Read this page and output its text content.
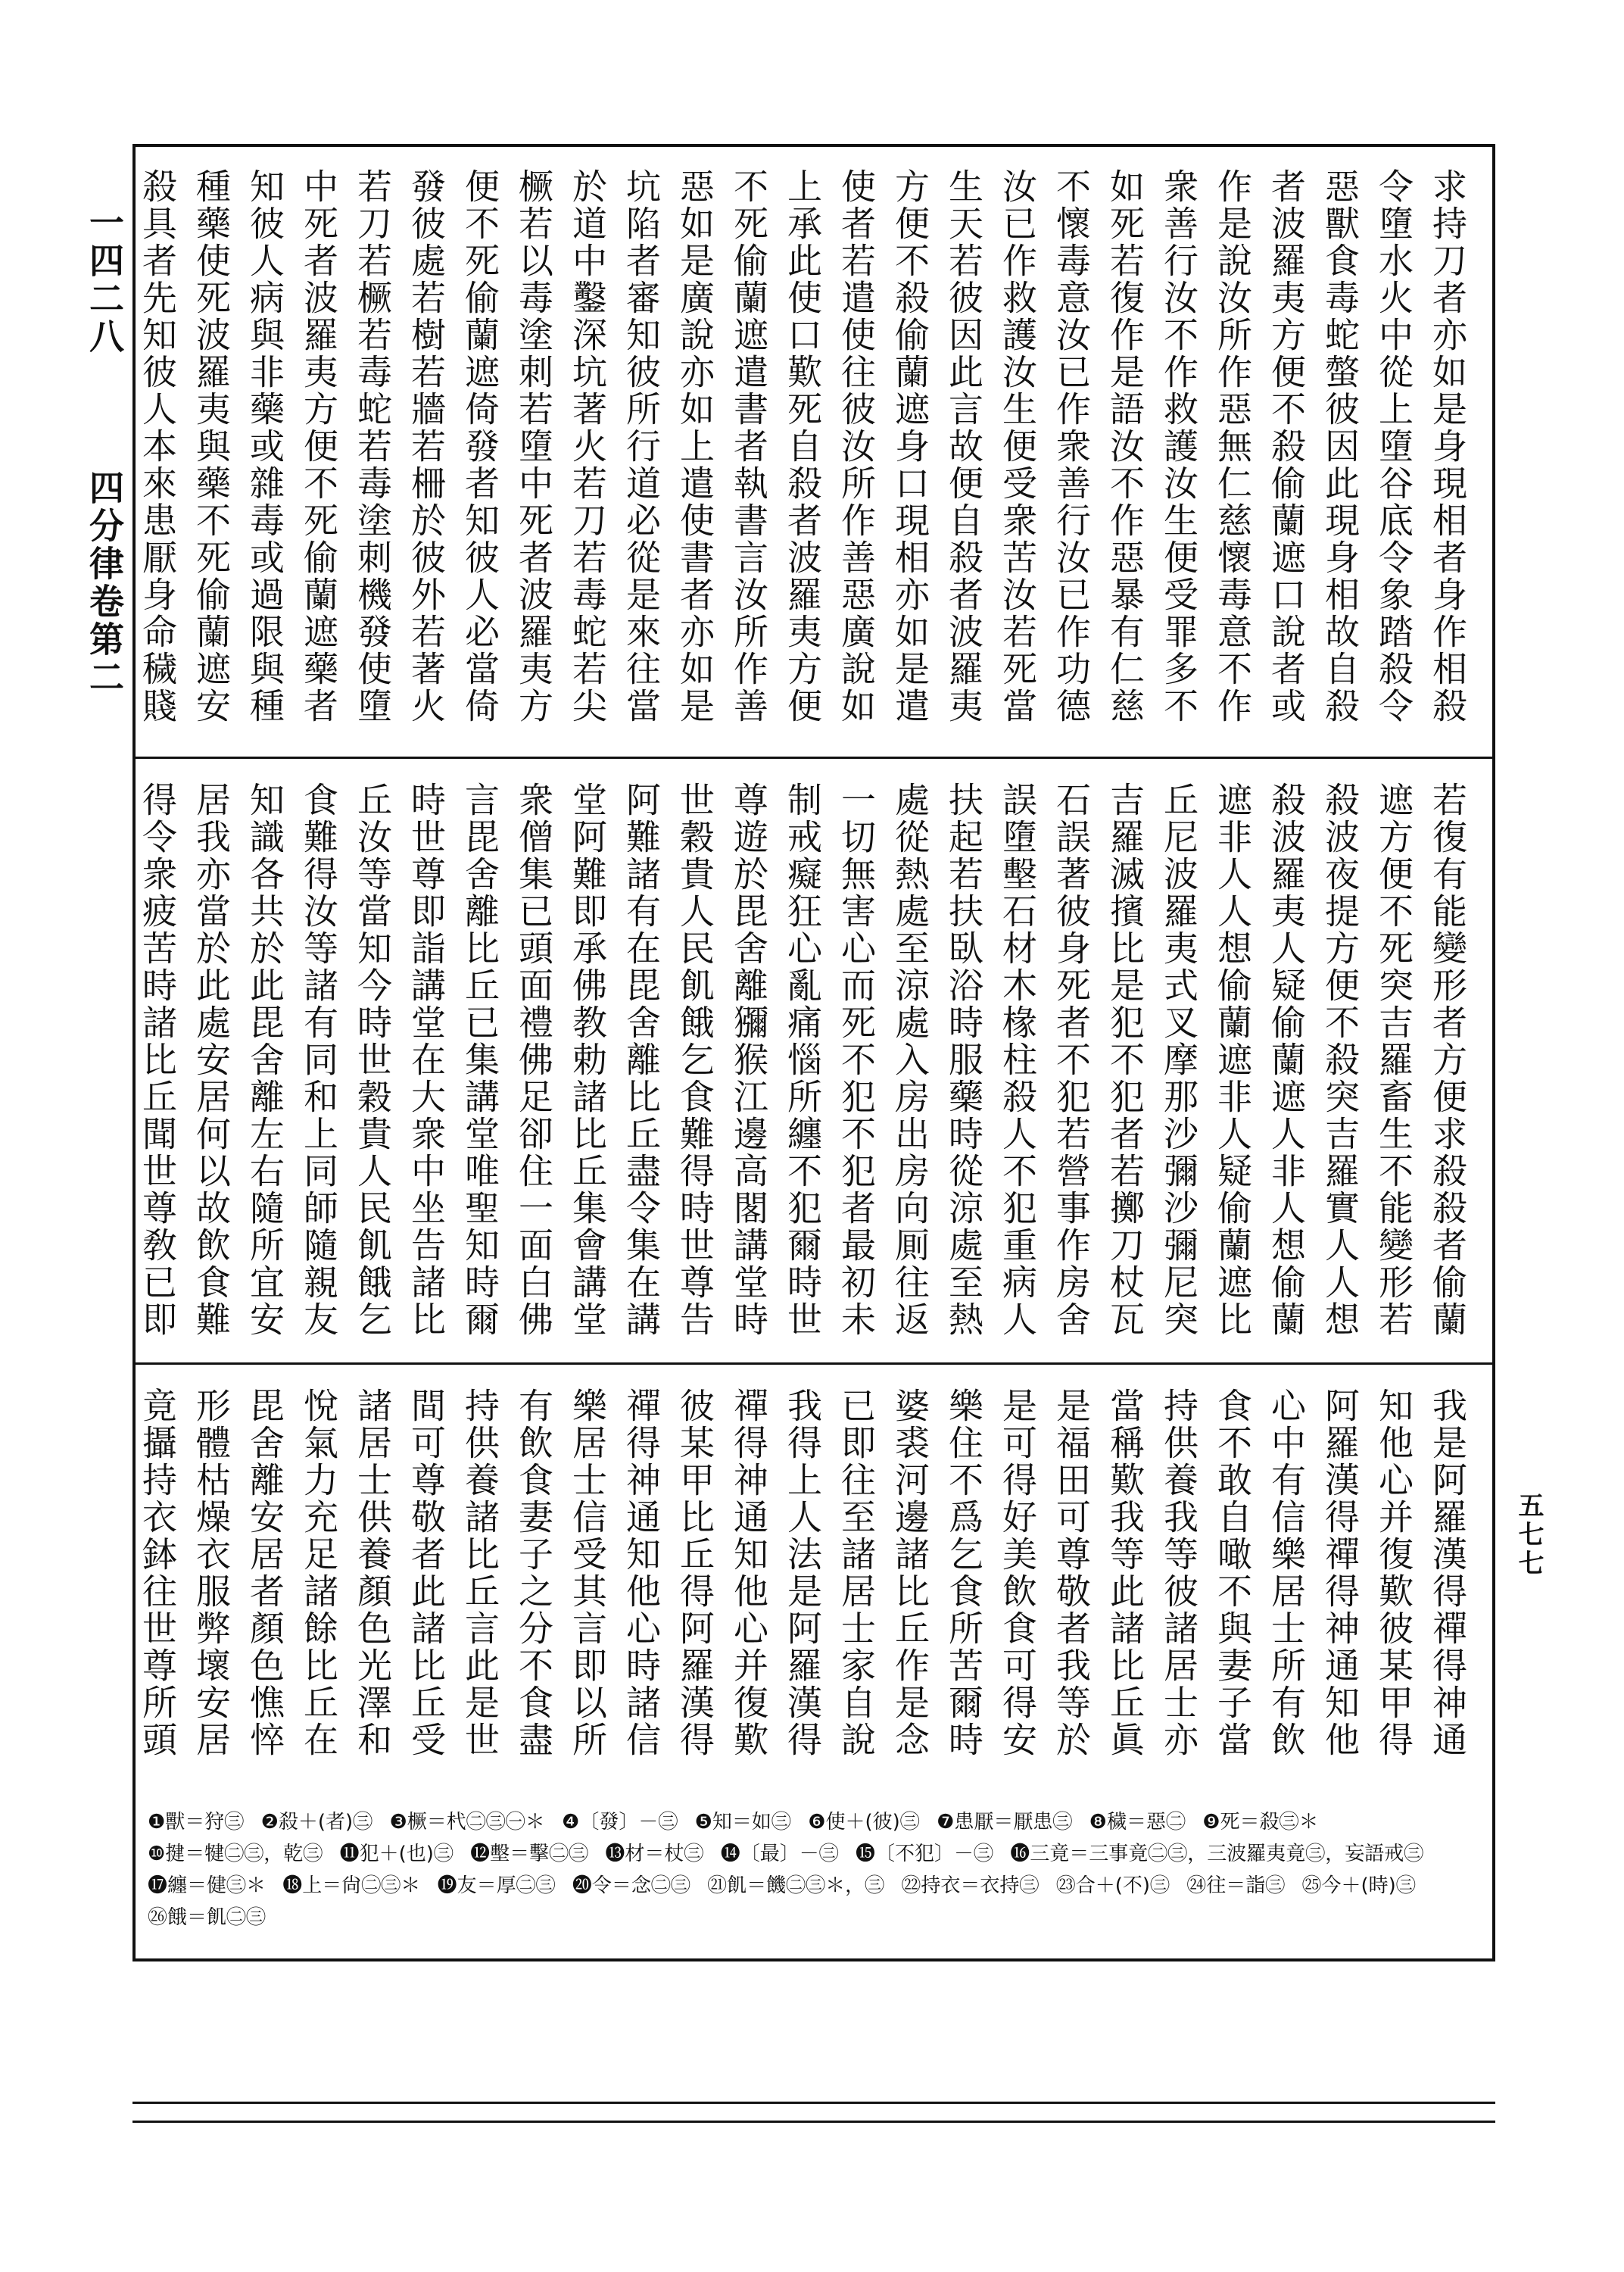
一四二八
四分律卷第二
五七七

求持刀者亦如是身現相者身作相殺令墮水火中從上墮谷底令象踏殺令惡獸食毒蛇螫彼因此現身相故自殺者波羅夷方便不殺偷蘭遮口說者或作是說汝所作惡無仁慈懷毒意不作衆善行汝不作救護汝生便受罪多不如死若復作是語汝不作惡暴有仁慈不懷毒意汝已作衆善行汝已作功德汝已作救護汝生便受衆苦汝若死當生天若彼因此言故便自殺者波羅夷方便不殺偷蘭遮身口現相亦如是遣使者若遣使往彼汝所作善惡廣說如上承此使口歎死自殺者波羅夷方便不死偷蘭遮遣書者執書言汝所作善惡如是廣說亦如上遣使書者亦如是坑陷者審知彼所行道必從是來往當於道中鑿深坑著火若刀若毒蛇若尖橛若以毒塗刺若墮中死者波羅夷方便不死偷蘭遮倚發者知彼人必當倚發彼處若樹若牆若柵於彼外若著火若刀若橛若毒蛇若毒塗刺機發使墮中死者波羅夷方便不死偷蘭遮藥者知彼人病與非藥或雜毒或過限與種種藥使死波羅夷與藥不死偷蘭遮安殺具者先知彼人本來患厭身命穢賤

若復有能變形者方便求殺殺者偷蘭遮方便不死突吉羅畜生不能變形若殺波夜提方便不殺突吉羅實人人想殺波羅夷人疑偷蘭遮人非人想偷蘭遮非人人想偷蘭遮非人疑偷蘭遮比丘尼波羅夷式叉摩那沙彌沙彌尼突吉羅滅擯比是犯不犯者若擲刀杖瓦石誤著彼身死者不犯若營事作房舍誤墮墼石材木椽柱殺人不犯重病人扶起若扶臥浴時服藥時從涼處至熱處從熱處至涼處入房出房向厠往返一切無害心而死不犯不犯者最初未制戒癡狂心亂痛惱所纏不犯爾時世尊遊於毘舍離獼猴江邊高閣講堂時世穀貴人民飢餓乞食難得時世尊告阿難諸有在毘舍離比丘盡令集在講堂阿難即承佛教勅諸比丘集會講堂衆僧集已頭面禮佛足卻住一面白佛言毘舍離比丘已集講堂唯聖知時爾時世尊即詣講堂在大衆中坐告諸比丘汝等當知今時世穀貴人民飢餓乞食難得汝等諸有同和上同師隨親友知識各共於此毘舍離左右隨所宜安居我亦當於此處安居何以故飲食難得令衆疲苦時諸比丘聞世尊敎已即

我是阿羅漢得禪得神通知他心并復歎彼某甲得阿羅漢得禪得神通知他心中有信樂居士所有飲食不敢自噉不與妻子當持供養我等彼諸居士亦當稱歎我等此諸比丘眞是福田可尊敬者我等於是可得好美飲食可得安樂住不爲乞食所苦爾時婆裘河邊諸比丘作是念已即往至諸居士家自說我得上人法是阿羅漢得禪得神通知他心并復歎彼某甲比丘得阿羅漢得禪得神通知他心時諸信樂居士信受其言即以所有飲食妻子之分不食盡持供養諸比丘言此是世間可尊敬者此諸比丘受諸居士供養顏色光澤和悅氣力充足諸餘比丘在毘舍離安居者顏色憔悴形體枯燥衣服弊壞安居竟攝持衣鉢往世尊所頭

❶獸＝狩㊂ ❷殺＋(者)㊂ ❸橛＝杙㊁㊂㊀＊ ❹〔發〕－㊂ ❺知＝如㊂ ❻使＋(彼)㊂ ❼患厭＝厭患㊂ ❽穢＝惡㊁ ❾死＝殺㊂＊ ❿揵＝犍㊁㊂，乾㊂ ⓫犯＋(也)㊂ ⓬墼＝擊㊁㊂ ⓭材＝杖㊂ ⓮〔最〕－㊂ ⓯〔不犯〕－㊂ ⓰三竟＝三事竟㊁㊂，三波羅夷竟㊂，妄語戒㊂ ⓱纏＝健㊂＊ ⓲上＝尙㊁㊂＊ ⓳友＝厚㊁㊂ ⓴令＝念㊁㊂ ㉑飢＝饑㊁㊂＊，㊂ ㉒持衣＝衣持㊂ ㉓合＋(不)㊂ ㉔往＝詣㊂ ㉕今＋(時)㊂ ㉖餓＝飢㊁㊂
